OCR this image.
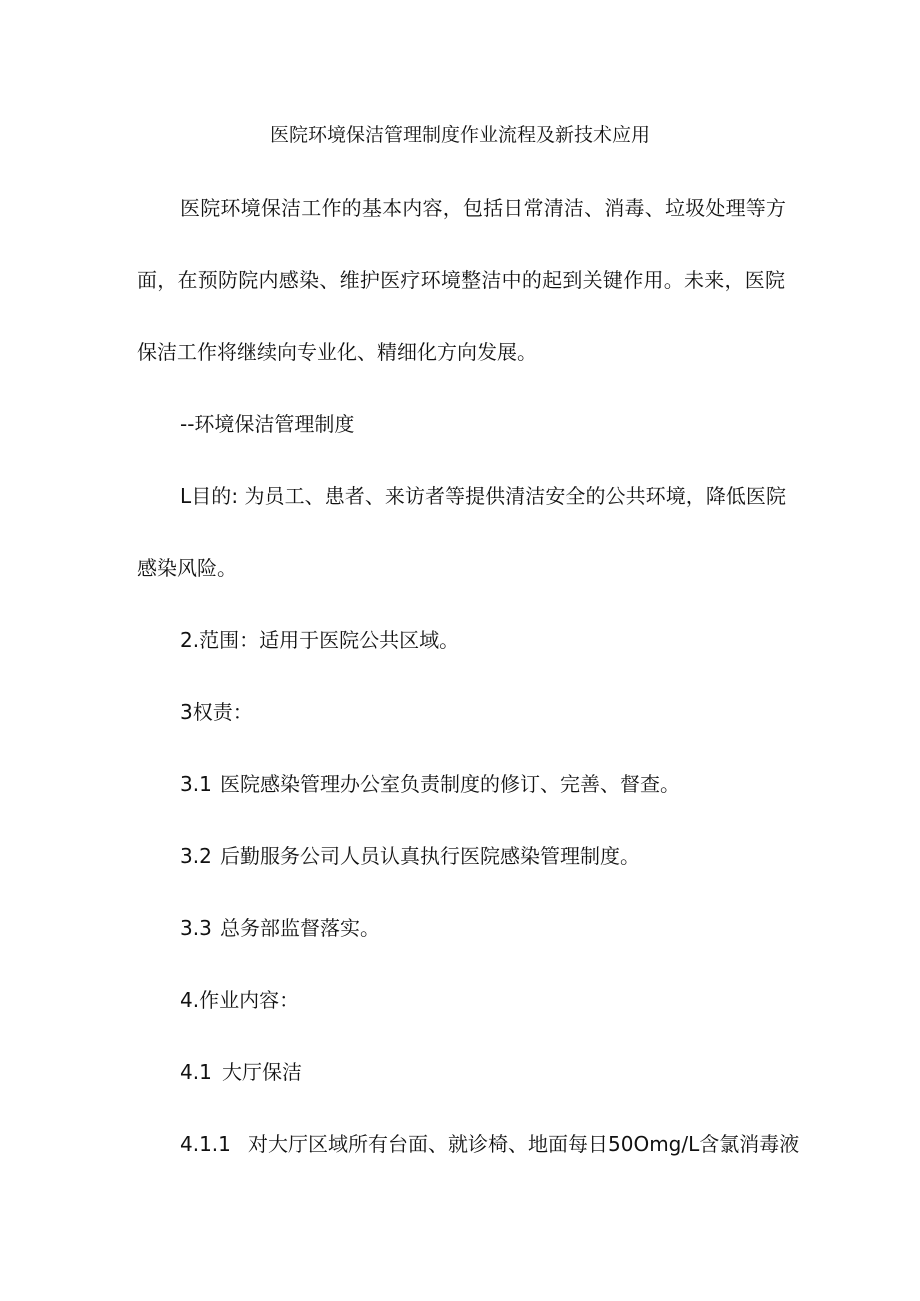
医院环境保洁管理制度作业流程及新技术应用
医院环境保洁工作的基本内容，包括日常清洁、消毒、垃圾处理等方
面，在预防院内感染、维护医疗环境整洁中的起到关键作用。未来，医院
保洁工作将继续向专业化、精细化方向发展。
--环境保洁管理制度
L目的: 为员工、患者、来访者等提供清洁安全的公共环境，降低医院
感染风险。
2.范围：适用于医院公共区域。
3权责：
3.1 医院感染管理办公室负责制度的修订、完善、督查。
3.2 后勤服务公司人员认真执行医院感染管理制度。
3.3 总务部监督落实。
4.作业内容：
4.1 大厅保洁
4.1.1 对大厅区域所有台面、就诊椅、地面每日50Omg/L含氯消毒液
